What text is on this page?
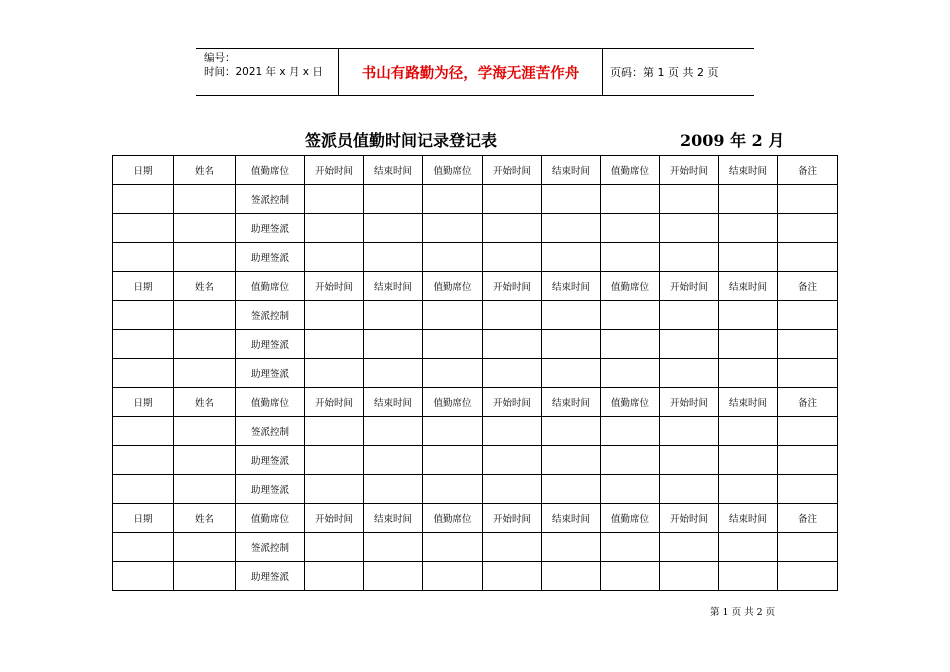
编号：
时间：2021 年 x 月 x 日	书山有路勤为径，学海无涯苦作舟	页码：第 1 页 共 2 页
签派员值勤时间记录登记表	2009 年 2 月
日期	姓名	值勤席位	开始时间	结束时间	值勤席位	开始时间	结束时间	值勤席位	开始时间	结束时间	备注
		签派控制									
		助理签派									
		助理签派									
日期	姓名	值勤席位	开始时间	结束时间	值勤席位	开始时间	结束时间	值勤席位	开始时间	结束时间	备注
		签派控制									
		助理签派									
		助理签派									
日期	姓名	值勤席位	开始时间	结束时间	值勤席位	开始时间	结束时间	值勤席位	开始时间	结束时间	备注
		签派控制									
		助理签派									
		助理签派									
日期	姓名	值勤席位	开始时间	结束时间	值勤席位	开始时间	结束时间	值勤席位	开始时间	结束时间	备注
		签派控制									
		助理签派									
第 1 页 共 2 页
